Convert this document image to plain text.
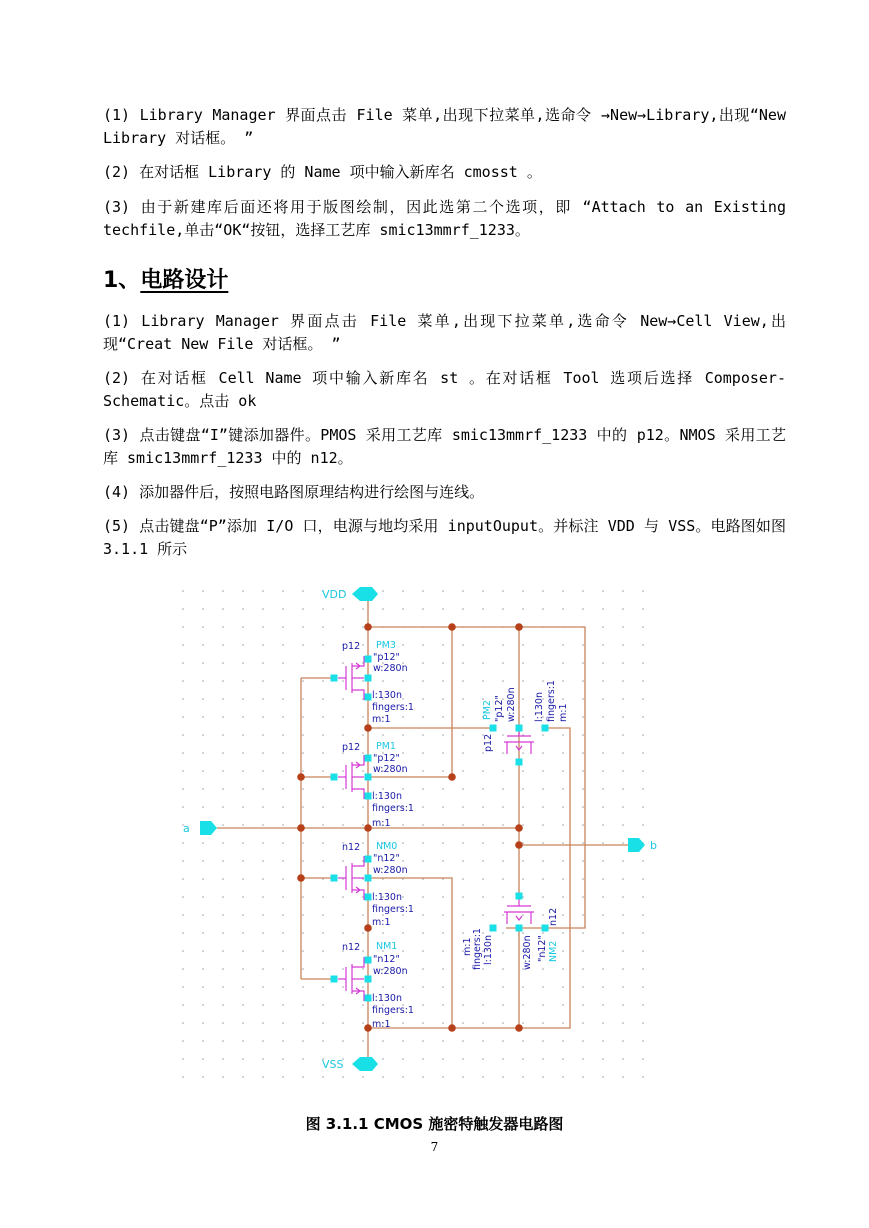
(1) Library Manager 界面点击 File 菜单,出现下拉菜单,选命令 →New→Library,出现“New Library 对话框。 ”
(2) 在对话框 Library 的 Name 项中输入新库名 cmosst 。
(3) 由于新建库后面还将用于版图绘制，因此选第二个选项，即 “Attach to an Existing techfile,单击“OK“按钮，选择工艺库 smic13mmrf_1233。
1、电路设计
(1) Library Manager 界面点击 File 菜单,出现下拉菜单,选命令 New→Cell View,出现“Creat New File 对话框。 ”
(2) 在对话框 Cell Name 项中输入新库名 st 。在对话框 Tool 选项后选择 Composer-Schematic。点击 ok
(3) 点击键盘“I”键添加器件。PMOS 采用工艺库 smic13mmrf_1233 中的 p12。NMOS 采用工艺库 smic13mmrf_1233 中的 n12。
(4) 添加器件后，按照电路图原理结构进行绘图与连线。
(5) 点击键盘“P”添加 I/O 口，电源与地均采用 inputOuput。并标注 VDD 与 VSS。电路图如图 3.1.1 所示
VDD
VSS
a
b
p12 PM3
"p12"
w:280n
l:130n
fingers:1
m:1
p12 PM1
"p12"
w:280n
l:130n
fingers:1
m:1
n12 NM0
"n12"
w:280n
l:130n
fingers:1
m:1
n12 NM1
"n12"
w:280n
l:130n
fingers:1
m:1
p12
PM2 "p12" w:280n l:130n fingers:1 m:1
n12
NM2
"n12"
w:280n
l:130n
fingers:1
m:1
图 3.1.1 CMOS 施密特触发器电路图
7
